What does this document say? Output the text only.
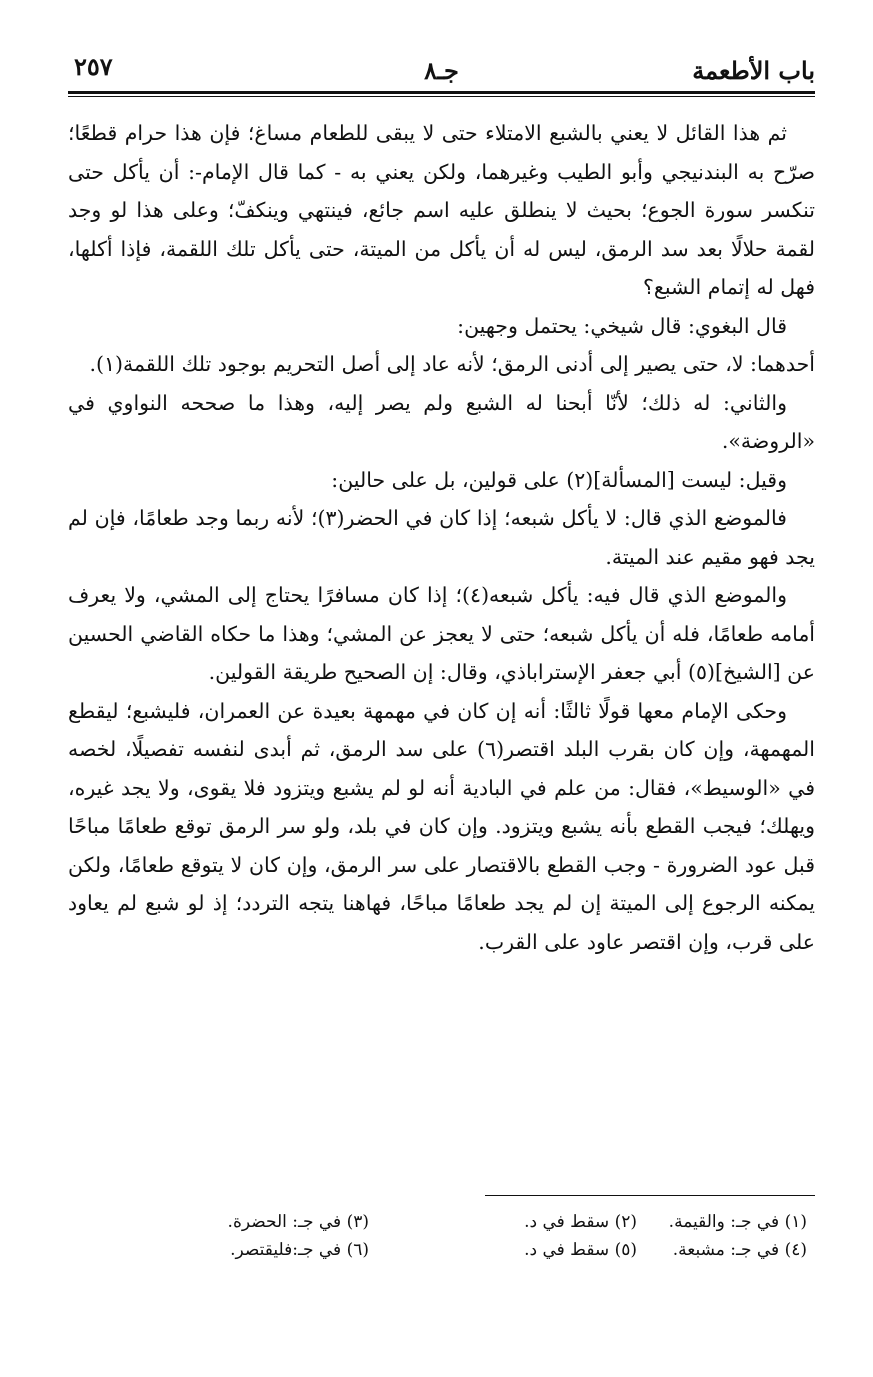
باب الأطعمة
جـ٨
٢٥٧

ثم هذا القائل لا يعني بالشبع الامتلاء حتى لا يبقى للطعام مساغ؛ فإن هذا حرام قطعًا؛ صرّح به البندنيجي وأبو الطيب وغيرهما، ولكن يعني به - كما قال الإمام-: أن يأكل حتى تنكسر سورة الجوع؛ بحيث لا ينطلق عليه اسم جائع، فينتهي وينكفّ؛ وعلى هذا لو وجد لقمة حلالًا بعد سد الرمق، ليس له أن يأكل من الميتة، حتى يأكل تلك اللقمة، فإذا أكلها، فهل له إتمام الشبع؟

قال البغوي: قال شيخي: يحتمل وجهين:

أحدهما: لا، حتى يصير إلى أدنى الرمق؛ لأنه عاد إلى أصل التحريم بوجود تلك اللقمة(١).

والثاني: له ذلك؛ لأنّا أبحنا له الشبع ولم يصر إليه، وهذا ما صححه النواوي في «الروضة».

وقيل: ليست [المسألة](٢) على قولين، بل على حالين:

فالموضع الذي قال: لا يأكل شبعه؛ إذا كان في الحضر(٣)؛ لأنه ربما وجد طعامًا، فإن لم يجد فهو مقيم عند الميتة.

والموضع الذي قال فيه: يأكل شبعه(٤)؛ إذا كان مسافرًا يحتاج إلى المشي، ولا يعرف أمامه طعامًا، فله أن يأكل شبعه؛ حتى لا يعجز عن المشي؛ وهذا ما حكاه القاضي الحسين عن [الشيخ](٥) أبي جعفر الإستراباذي، وقال: إن الصحيح طريقة القولين.

وحكى الإمام معها قولًا ثالثًا: أنه إن كان في مهمهة بعيدة عن العمران، فليشبع؛ ليقطع المهمهة، وإن كان بقرب البلد اقتصر(٦) على سد الرمق، ثم أبدى لنفسه تفصيلًا، لخصه في «الوسيط»، فقال: من علم في البادية أنه لو لم يشبع ويتزود فلا يقوى، ولا يجد غيره، ويهلك؛ فيجب القطع بأنه يشبع ويتزود. وإن كان في بلد، ولو سر الرمق توقع طعامًا مباحًا قبل عود الضرورة - وجب القطع بالاقتصار على سر الرمق، وإن كان لا يتوقع طعامًا، ولكن يمكنه الرجوع إلى الميتة إن لم يجد طعامًا مباحًا، فهاهنا يتجه التردد؛ إذ لو شبع لم يعاود على قرب، وإن اقتصر عاود على القرب.

(١) في جـ: والقيمة.
(٢) سقط في د.
(٣) في جـ: الحضرة.
(٤) في جـ: مشبعة.
(٥) سقط في د.
(٦) في جـ:فليقتصر.
